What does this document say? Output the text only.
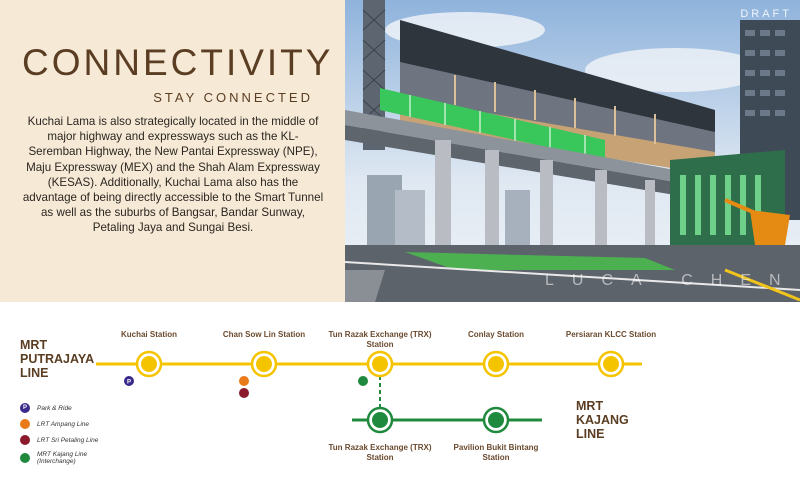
CONNECTIVITY
STAY CONNECTED
Kuchai Lama is also strategically located in the middle of major highway and expressways such as the KL-Seremban Highway, the New Pantai Expressway (NPE), Maju Expressway (MEX) and the Shah Alam Expressway (KESAS). Additionally, Kuchai Lama also has the advantage of being directly accessible to the Smart Tunnel as well as the suburbs of Bangsar, Bandar Sunway, Petaling Jaya and Sungai Besi.
LUCA CHEN
DRAFT
P
MRT PUTRAJAYA LINE
MRT KAJANG LINE
Kuchai Station	Chan Sow Lin Station	Tun Razak Exchange (TRX) Station
Conlay Station	Persiaran KLCC Station
Tun Razak Exchange (TRX) Station
Pavilion Bukit Bintang Station
P Park & Ride
LRT Ampang Line
LRT Sri Petaling Line
MRT Kajang Line (Interchange)
